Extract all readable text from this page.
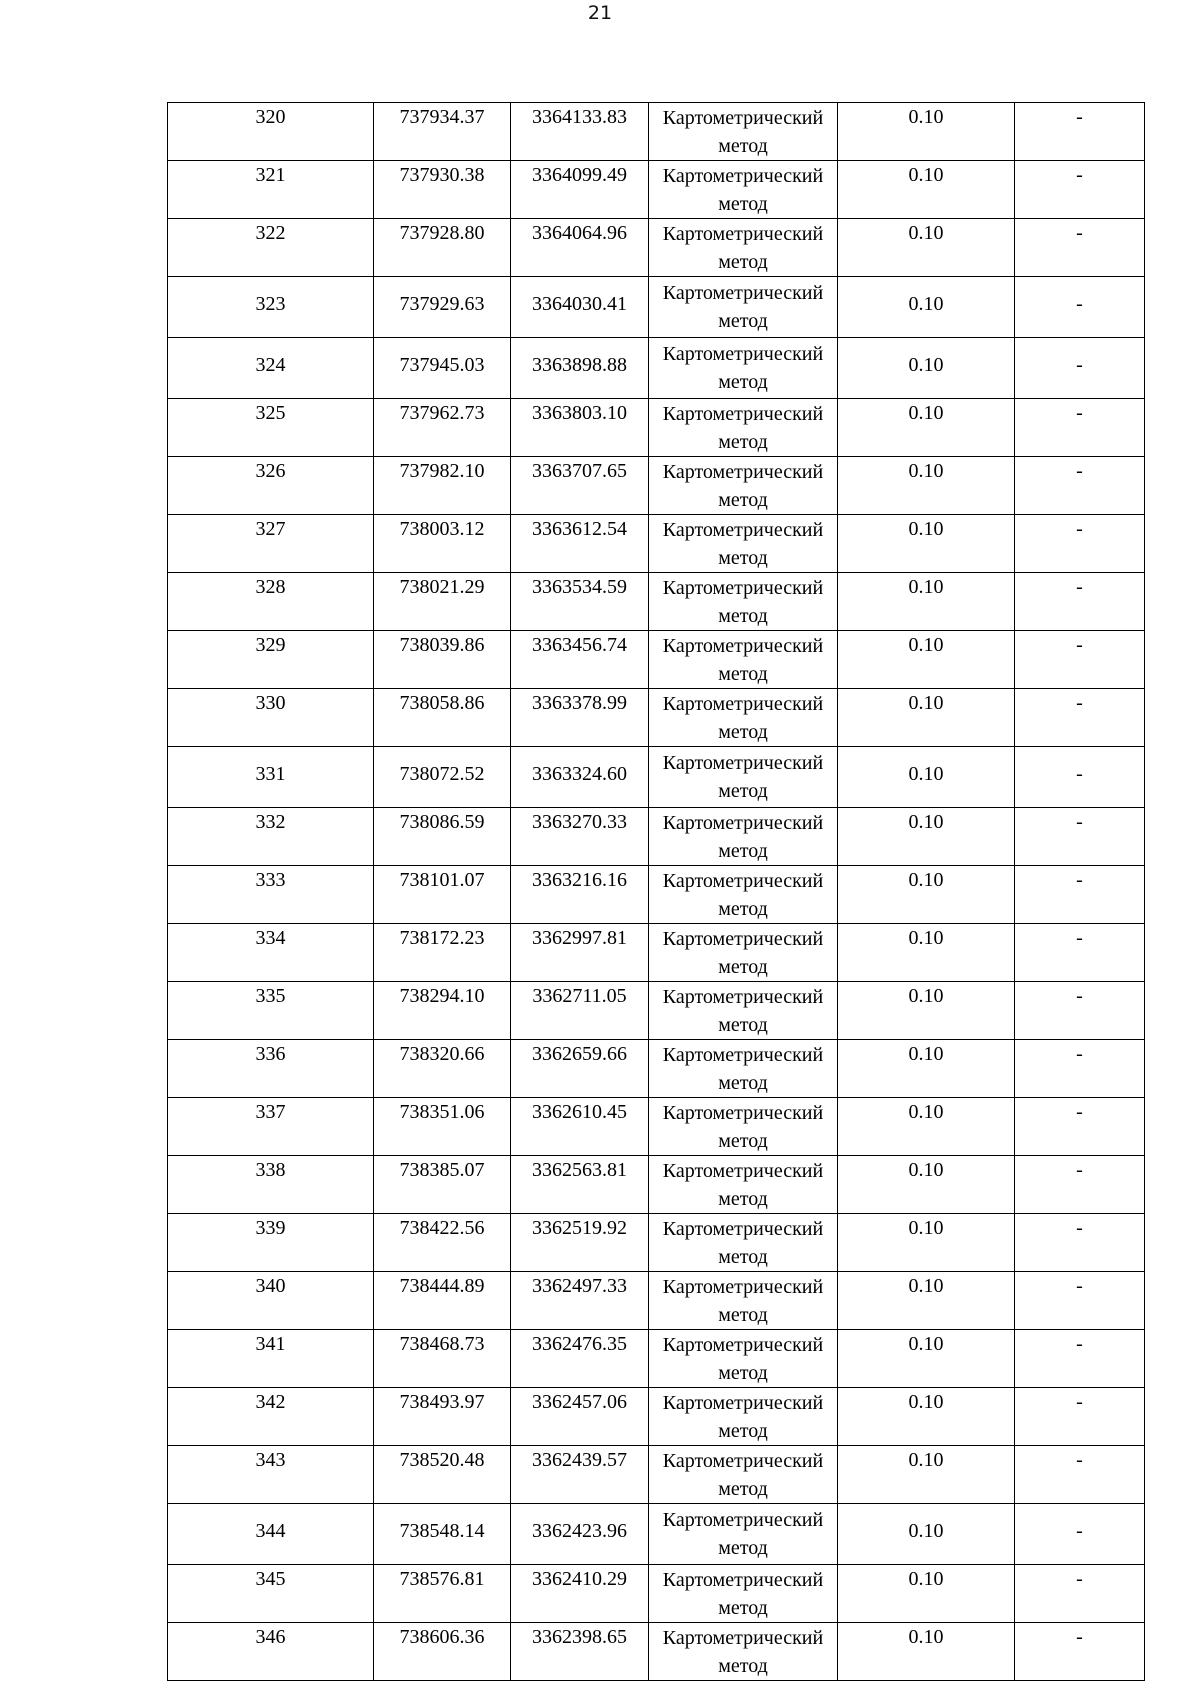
21
320	737934.37	3364133.83	Картометрический
метод	0.10	-

321	737930.38	3364099.49	Картометрический
метод	0.10	-

322	737928.80	3364064.96	Картометрический
метод	0.10	-

323	737929.63	3364030.41	Картометрический
метод	0.10	-

324	737945.03	3363898.88	Картометрический
метод	0.10	-

325	737962.73	3363803.10	Картометрический
метод	0.10	-

326	737982.10	3363707.65	Картометрический
метод	0.10	-

327	738003.12	3363612.54	Картометрический
метод	0.10	-

328	738021.29	3363534.59	Картометрический
метод	0.10	-

329	738039.86	3363456.74	Картометрический
метод	0.10	-

330	738058.86	3363378.99	Картометрический
метод	0.10	-

331	738072.52	3363324.60	Картометрический
метод	0.10	-

332	738086.59	3363270.33	Картометрический
метод	0.10	-

333	738101.07	3363216.16	Картометрический
метод	0.10	-

334	738172.23	3362997.81	Картометрический
метод	0.10	-

335	738294.10	3362711.05	Картометрический
метод	0.10	-

336	738320.66	3362659.66	Картометрический
метод	0.10	-

337	738351.06	3362610.45	Картометрический
метод	0.10	-

338	738385.07	3362563.81	Картометрический
метод	0.10	-

339	738422.56	3362519.92	Картометрический
метод	0.10	-

340	738444.89	3362497.33	Картометрический
метод	0.10	-

341	738468.73	3362476.35	Картометрический
метод	0.10	-

342	738493.97	3362457.06	Картометрический
метод	0.10	-

343	738520.48	3362439.57	Картометрический
метод	0.10	-

344	738548.14	3362423.96	Картометрический
метод	0.10	-

345	738576.81	3362410.29	Картометрический
метод	0.10	-

346	738606.36	3362398.65	Картометрический
метод	0.10	-
